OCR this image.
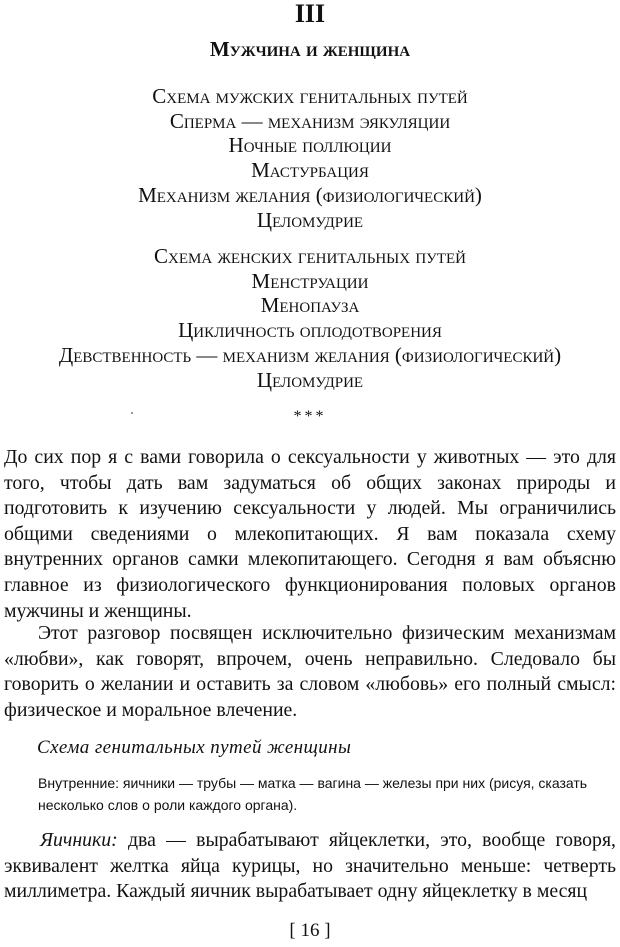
III
Мужчина и женщина
Схема мужских генитальных путей
Сперма — механизм эякуляции
Ночные поллюции
Мастурбация
Механизм желания (физиологический)
Целомудрие
Схема женских генитальных путей
Менструации
Менопауза
Цикличность оплодотворения
Девственность — механизм желания (физиологический)
Целомудрие
***

До сих пор я с вами говорила о сексуальности у животных — это для того, чтобы дать вам задуматься об общих законах природы и подготовить к изучению сексуальности у людей. Мы ограничились общими сведениями о млекопитающих. Я вам показала схему внутренних органов самки млекопитающего. Сегодня я вам объясню главное из физиологического функционирования половых органов мужчины и женщины.

Этот разговор посвящен исключительно физическим механизмам «любви», как говорят, впрочем, очень неправильно. Следовало бы говорить о желании и оставить за словом «любовь» его полный смысл: физическое и моральное влечение.

Схема генитальных путей женщины

Внутренние: яичники — трубы — матка — вагина — железы при них (рисуя, сказать несколько слов о роли каждого органа).

Яичники: два — вырабатывают яйцеклетки, это, вообще говоря, эквивалент желтка яйца курицы, но значительно меньше: четверть миллиметра. Каждый яичник вырабатывает одну яйцеклетку в месяц

[ 16 ]
